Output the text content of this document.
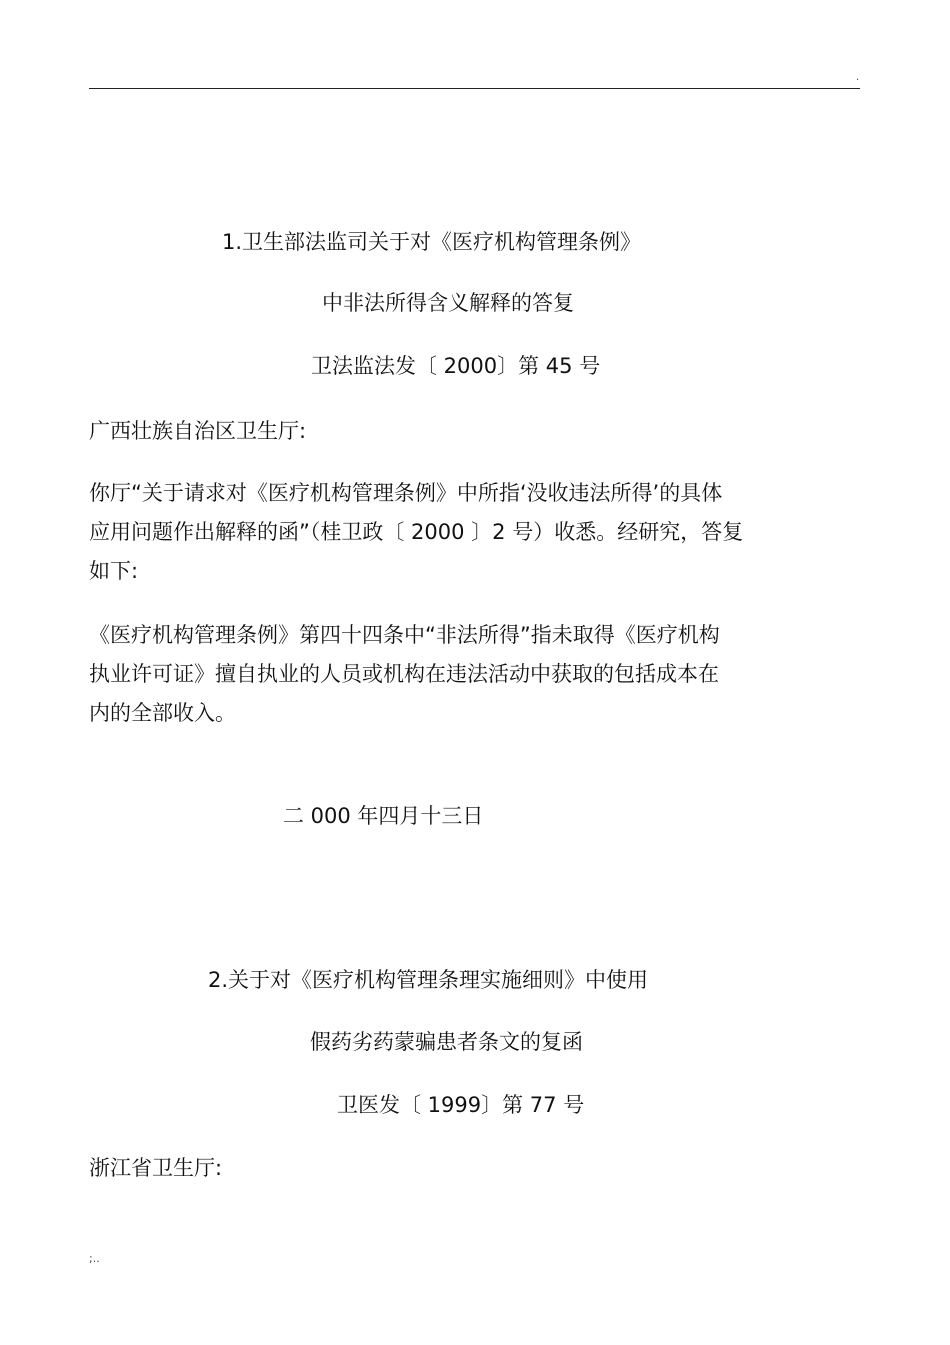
.
1.卫生部法监司关于对《医疗机构管理条例》
中非法所得含义解释的答复
卫法监法发〔 2000〕第 45 号
广西壮族自治区卫生厅:
你厅“关于请求对《医疗机构管理条例》中所指‘没收违法所得’的具体
应用问题作出解释的函”（桂卫政〔 2000 〕2 号）收悉。经研究，答复
如下:
《医疗机构管理条例》第四十四条中“非法所得”指未取得《医疗机构
执业许可证》擅自执业的人员或机构在违法活动中获取的包括成本在
内的全部收入。
二 000 年四月十三日
2.关于对《医疗机构管理条理实施细则》中使用
假药劣药蒙骗患者条文的复函
卫医发〔 1999〕第 77 号
浙江省卫生厅:
;..
